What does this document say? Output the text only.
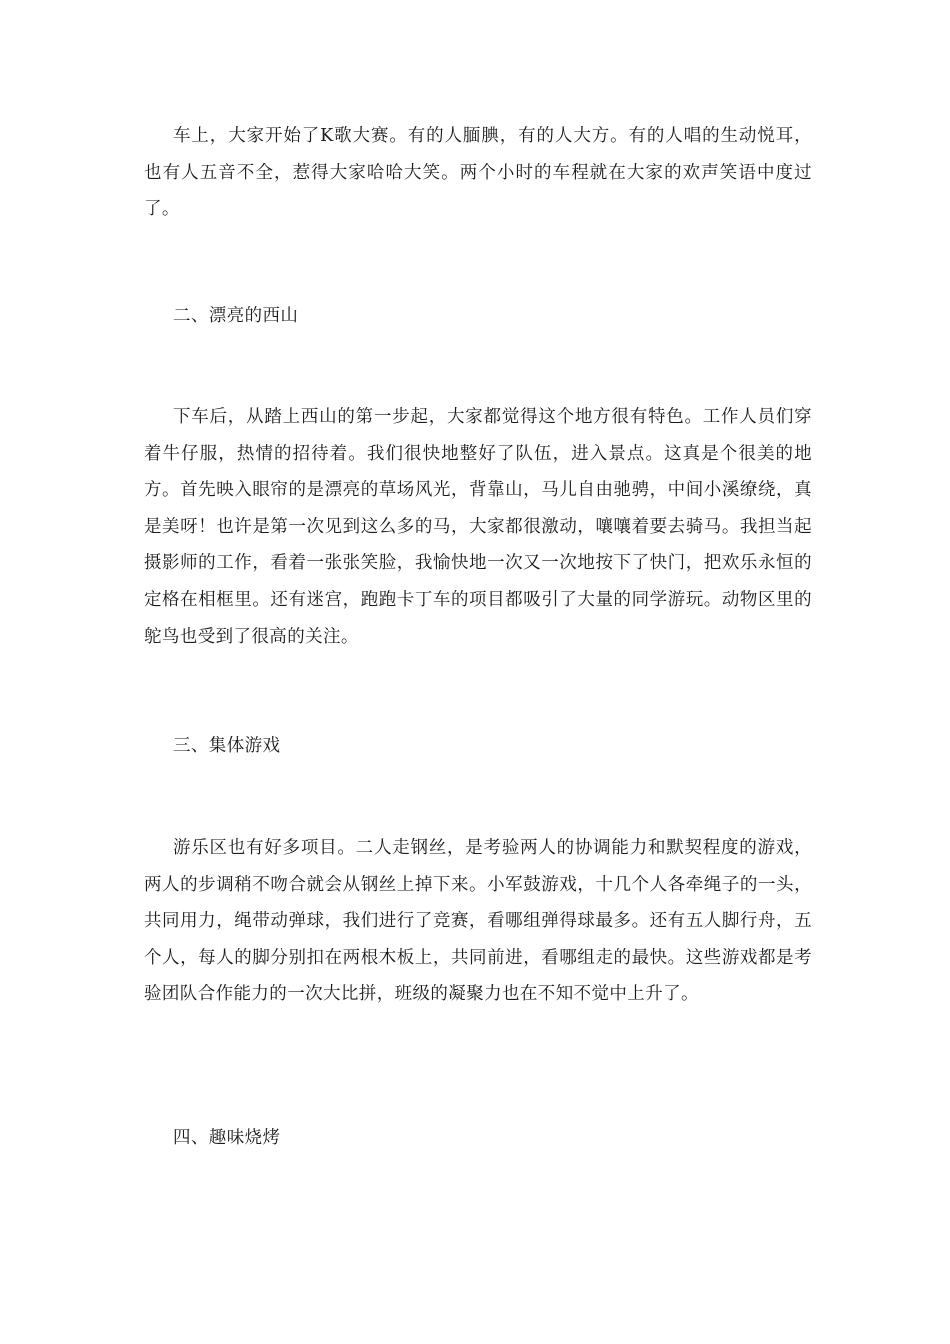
车上，大家开始了K歌大赛。有的人腼腆，有的人大方。有的人唱的生动悦耳，也有人五音不全，惹得大家哈哈大笑。两个小时的车程就在大家的欢声笑语中度过了。

二、漂亮的西山

下车后，从踏上西山的第一步起，大家都觉得这个地方很有特色。工作人员们穿着牛仔服，热情的招待着。我们很快地整好了队伍，进入景点。这真是个很美的地方。首先映入眼帘的是漂亮的草场风光，背靠山，马儿自由驰骋，中间小溪缭绕，真是美呀！也许是第一次见到这么多的马，大家都很激动，嚷嚷着要去骑马。我担当起摄影师的工作，看着一张张笑脸，我愉快地一次又一次地按下了快门，把欢乐永恒的定格在相框里。还有迷宫，跑跑卡丁车的项目都吸引了大量的同学游玩。动物区里的鸵鸟也受到了很高的关注。

三、集体游戏

游乐区也有好多项目。二人走钢丝，是考验两人的协调能力和默契程度的游戏，两人的步调稍不吻合就会从钢丝上掉下来。小军鼓游戏，十几个人各牵绳子的一头，共同用力，绳带动弹球，我们进行了竞赛，看哪组弹得球最多。还有五人脚行舟，五个人，每人的脚分别扣在两根木板上，共同前进，看哪组走的最快。这些游戏都是考 验团队合作能力的一次大比拼，班级的凝聚力也在不知不觉中上升了。

四、趣味烧烤
